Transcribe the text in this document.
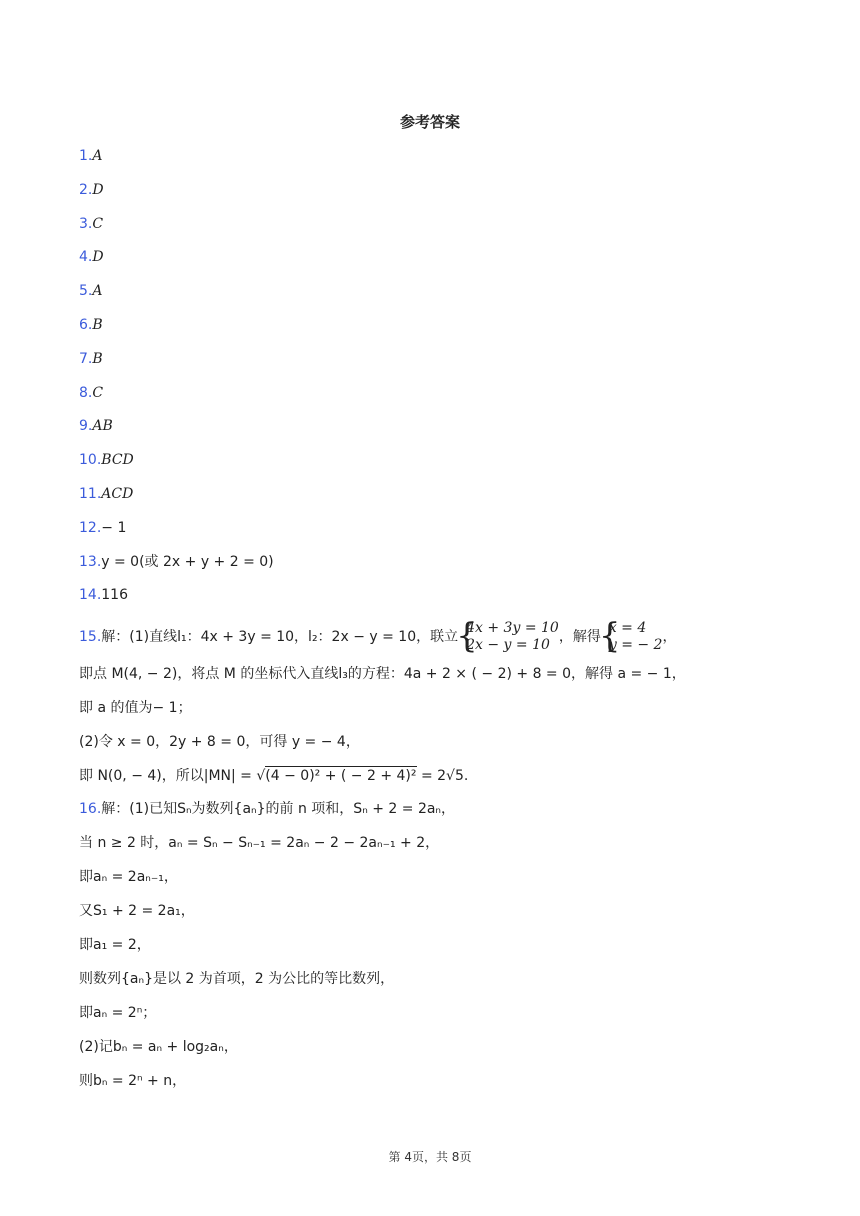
参考答案
1.A
2.D
3.C
4.D
5.A
6.B
7.B
8.C
9.AB
10.BCD
11.ACD
12.− 1
13.y = 0(或 2x + y + 2 = 0)
14.116
15.解：(1)直线l₁：4x + 3y = 10，l₂：2x − y = 10，联立
{ 4x + 3y = 10
2x − y = 10 ，解得
{ x = 4
y = − 2 ，
即点 M(4, − 2)，将点 M 的坐标代入直线l₃的方程：4a + 2 × ( − 2) + 8 = 0，解得 a = − 1，
即 a 的值为− 1；
(2)令 x = 0，2y + 8 = 0，可得 y = − 4，
即 N(0, − 4)，所以|MN| = √(4 − 0)² + ( − 2 + 4)² = 2√5.
16.解：(1)已知Sₙ为数列{aₙ}的前 n 项和，Sₙ + 2 = 2aₙ，
当 n ≥ 2 时，aₙ = Sₙ − Sₙ₋₁ = 2aₙ − 2 − 2aₙ₋₁ + 2，
即aₙ = 2aₙ₋₁，
又S₁ + 2 = 2a₁，
即a₁ = 2，
则数列{aₙ}是以 2 为首项，2 为公比的等比数列，
即aₙ = 2ⁿ；
(2)记bₙ = aₙ + log₂aₙ，
则bₙ = 2ⁿ + n，
第 4页，共 8页
